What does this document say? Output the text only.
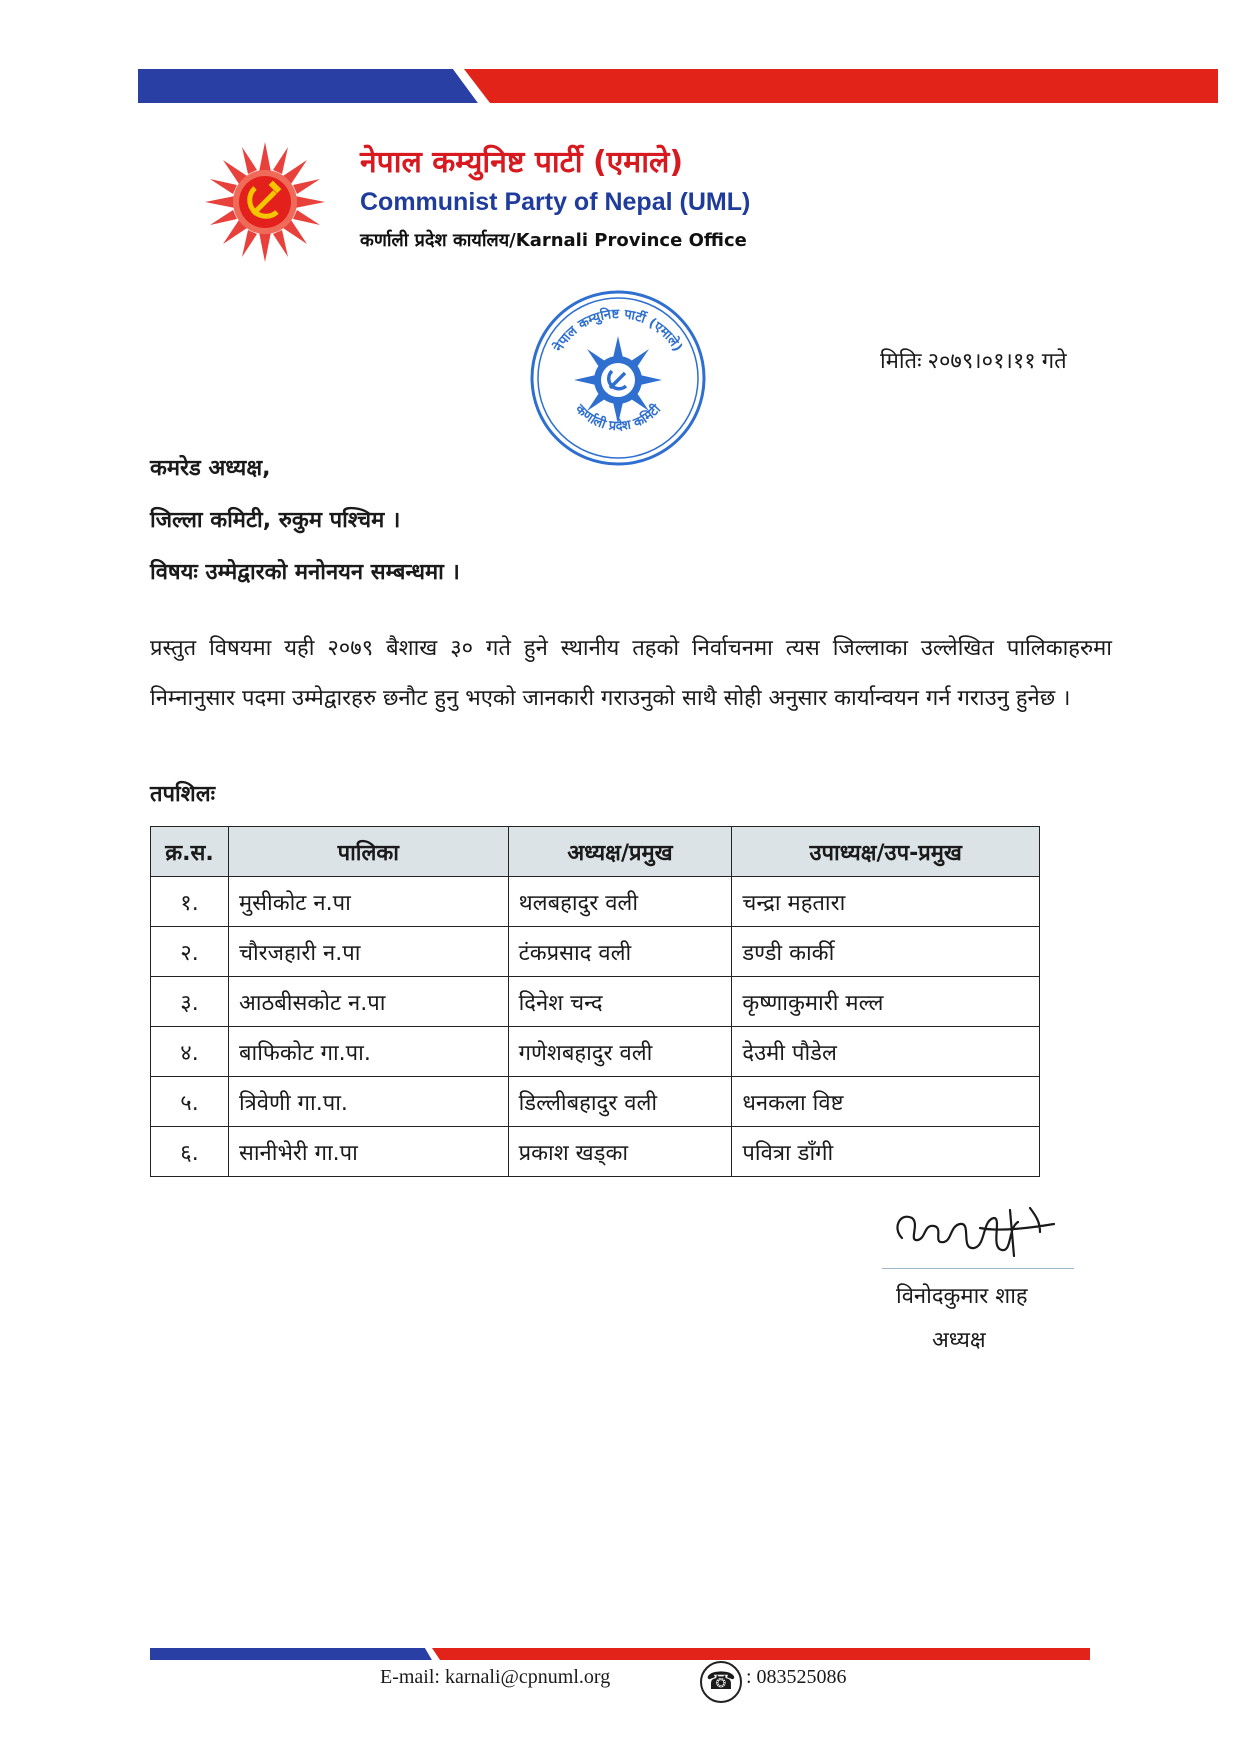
नेपाल कम्युनिष्ट पार्टी (एमाले)
Communist Party of Nepal (UML)
कर्णाली प्रदेश कार्यालय/Karnali Province Office
नेपाल कम्युनिष्ट पार्टी (एमाले)
कर्णाली प्रदेश कमिटी
मितिः २०७९।०१।११ गते
कमरेड अध्यक्ष,
जिल्ला कमिटी, रुकुम पश्चिम ।
विषयः उम्मेद्वारको मनोनयन सम्बन्धमा ।
प्रस्तुत विषयमा यही २०७९ बैशाख ३० गते हुने स्थानीय तहको निर्वाचनमा त्यस जिल्लाका उल्लेखित पालिकाहरुमा निम्नानुसार पदमा उम्मेद्वारहरु छनौट हुनु भएको जानकारी गराउनुको साथै सोही अनुसार कार्यान्वयन गर्न गराउनु हुनेछ ।
तपशिलः
क्र.स.	पालिका	अध्यक्ष/प्रमुख	उपाध्यक्ष/उप-प्रमुख
१.	मुसीकोट न.पा	थलबहादुर वली	चन्द्रा महतारा
२.	चौरजहारी न.पा	टंकप्रसाद वली	डण्डी कार्की
३.	आठबीसकोट न.पा	दिनेश चन्द	कृष्णाकुमारी मल्ल
४.	बाफिकोट गा.पा.	गणेशबहादुर वली	देउमी पौडेल
५.	त्रिवेणी गा.पा.	डिल्लीबहादुर वली	धनकला विष्ट
६.	सानीभेरी गा.पा	प्रकाश खड्का	पवित्रा डाँगी
विनोदकुमार शाह
अध्यक्ष
E-mail: karnali@cpnuml.org	☎ : 083525086
